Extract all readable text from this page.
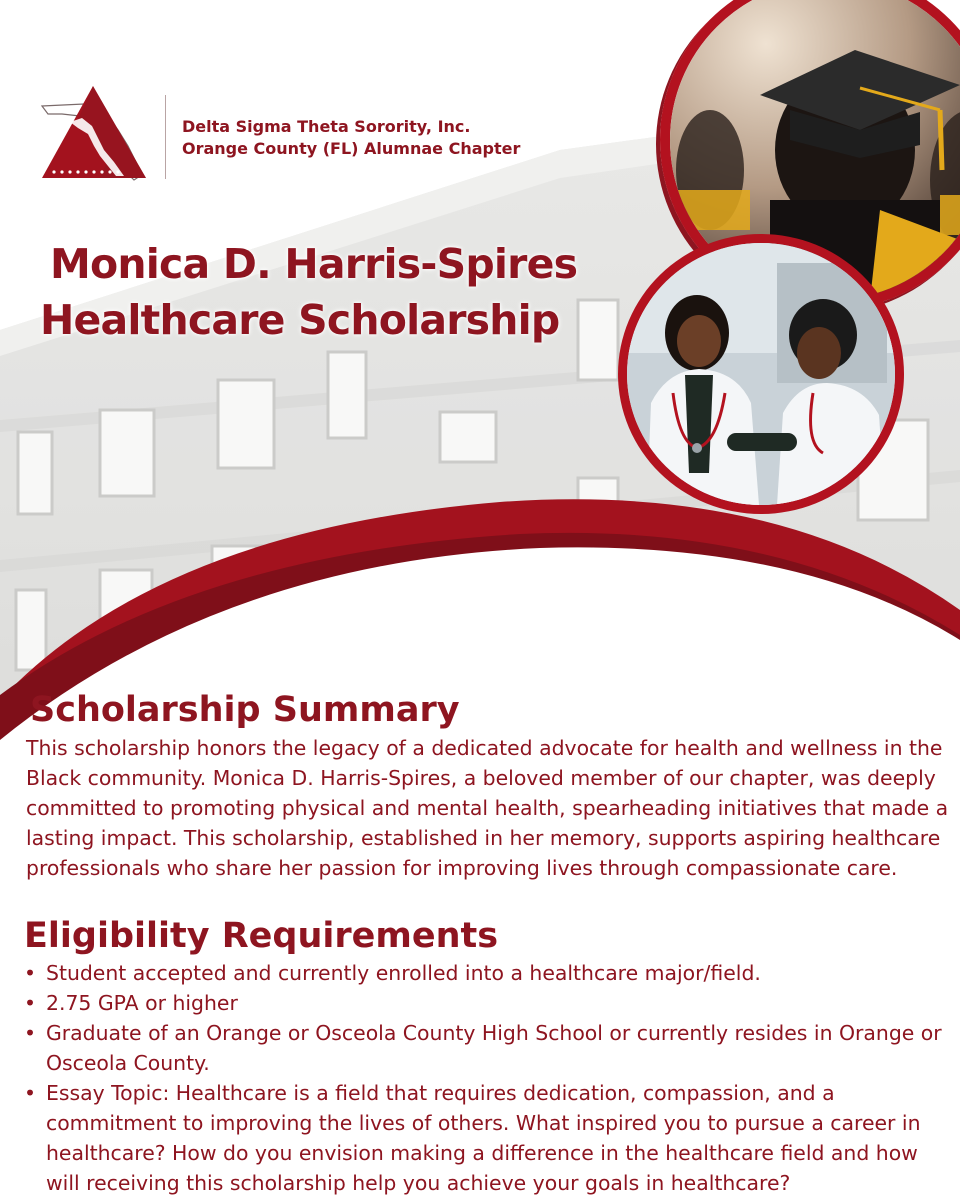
Delta Sigma Theta Sorority, Inc.
Orange County (FL) Alumnae Chapter
Monica D. Harris-Spires
Healthcare Scholarship
Scholarship Summary
This scholarship honors the legacy of a dedicated advocate for health and wellness in the Black community. Monica D. Harris-Spires, a beloved member of our chapter, was deeply committed to promoting physical and mental health, spearheading initiatives that made a lasting impact. This scholarship, established in her memory, supports aspiring healthcare professionals who share her passion for improving lives through compassionate care.
Eligibility Requirements
• Student accepted and currently enrolled into a healthcare major/field.
• 2.75 GPA or higher
• Graduate of an Orange or Osceola County High School or currently resides in Orange or Osceola County.
• Essay Topic: Healthcare is a field that requires dedication, compassion, and a commitment to improving the lives of others. What inspired you to pursue a career in healthcare? How do you envision making a difference in the healthcare field and how will receiving this scholarship help you achieve your goals in healthcare?
